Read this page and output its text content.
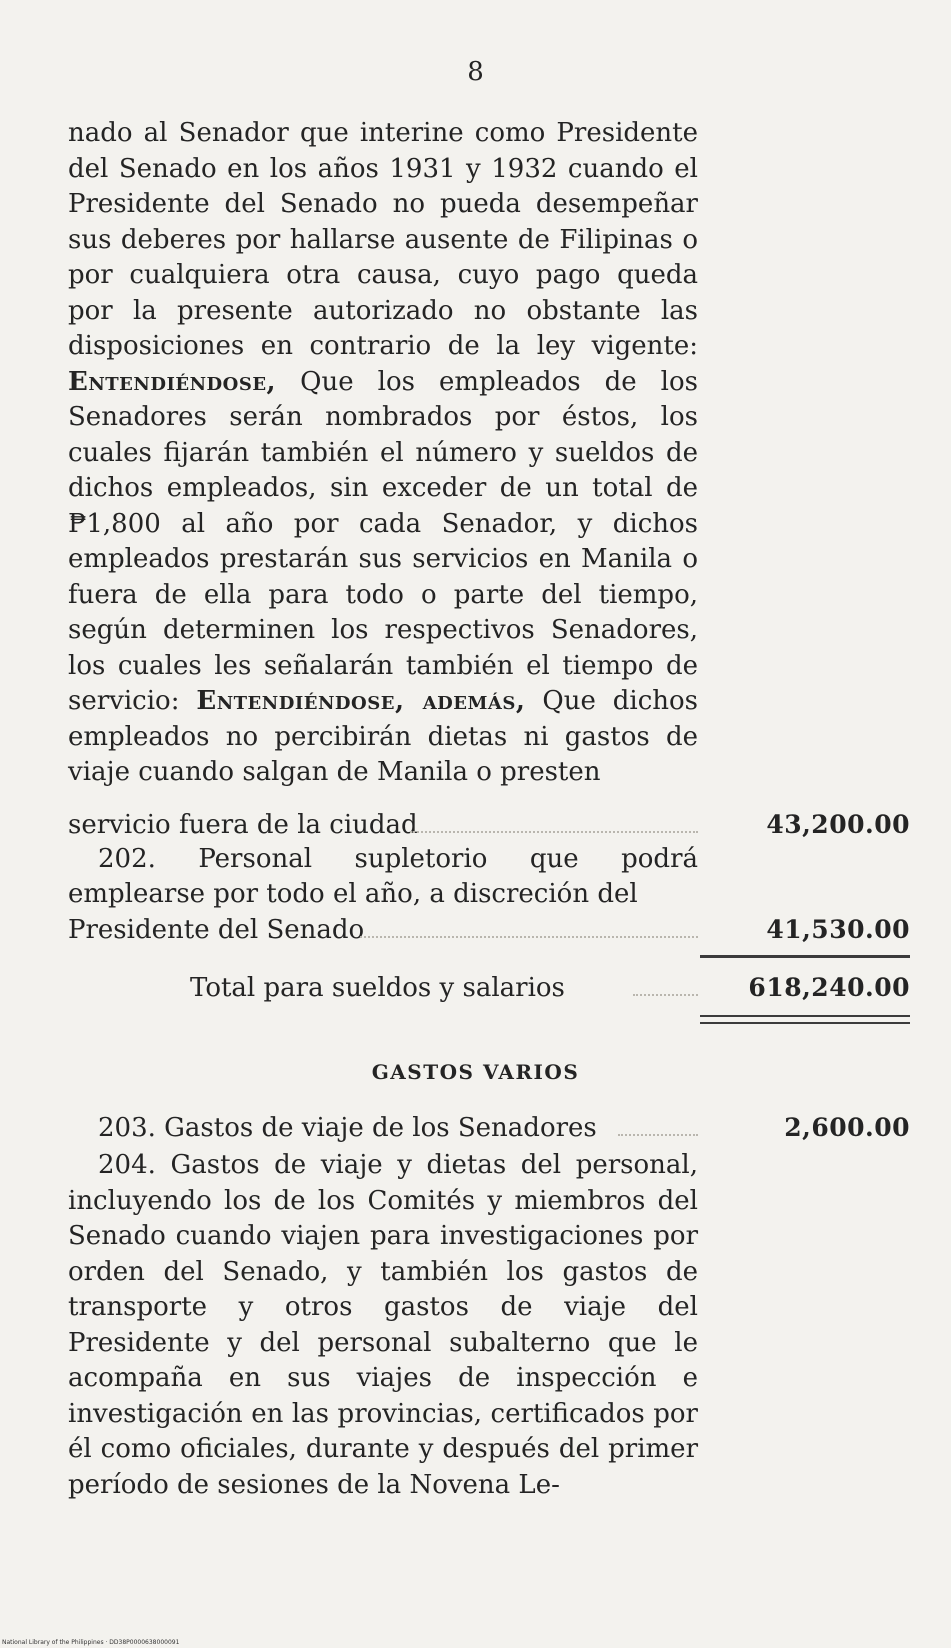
8
nado al Senador que interine como Presidente del Senado en los años 1931 y 1932 cuando el Presidente del Senado no pueda desempeñar sus deberes por hallarse ausente de Filipinas o por cualquiera otra causa, cuyo pago queda por la presente autorizado no obstante las disposiciones en contrario de la ley vigente: Entendiéndose, Que los empleados de los Senadores serán nombrados por éstos, los cuales fijarán también el número y sueldos de dichos empleados, sin exceder de un total de ₱1,800 al año por cada Senador, y dichos empleados prestarán sus servicios en Manila o fuera de ella para todo o parte del tiempo, según determinen los respectivos Senadores, los cuales les señalarán también el tiempo de servicio: Entendiéndose, además, Que dichos empleados no percibirán dietas ni gastos de viaje cuando salgan de Manila o presten
servicio fuera de la ciudad	43,200.00
202. Personal supletorio que podrá emplearse por todo el año, a discreción del
Presidente del Senado	41,530.00
Total para sueldos y salarios	618,240.00
GASTOS VARIOS
203. Gastos de viaje de los Senadores	2,600.00
204. Gastos de viaje y dietas del personal, incluyendo los de los Comités y miembros del Senado cuando viajen para investigaciones por orden del Senado, y también los gastos de transporte y otros gastos de viaje del Presidente y del personal subalterno que le acompaña en sus viajes de inspección e investigación en las provincias, certificados por él como oficiales, durante y después del primer período de sesiones de la Novena Le-
National Library of the Philippines · DD38P0000638000091
